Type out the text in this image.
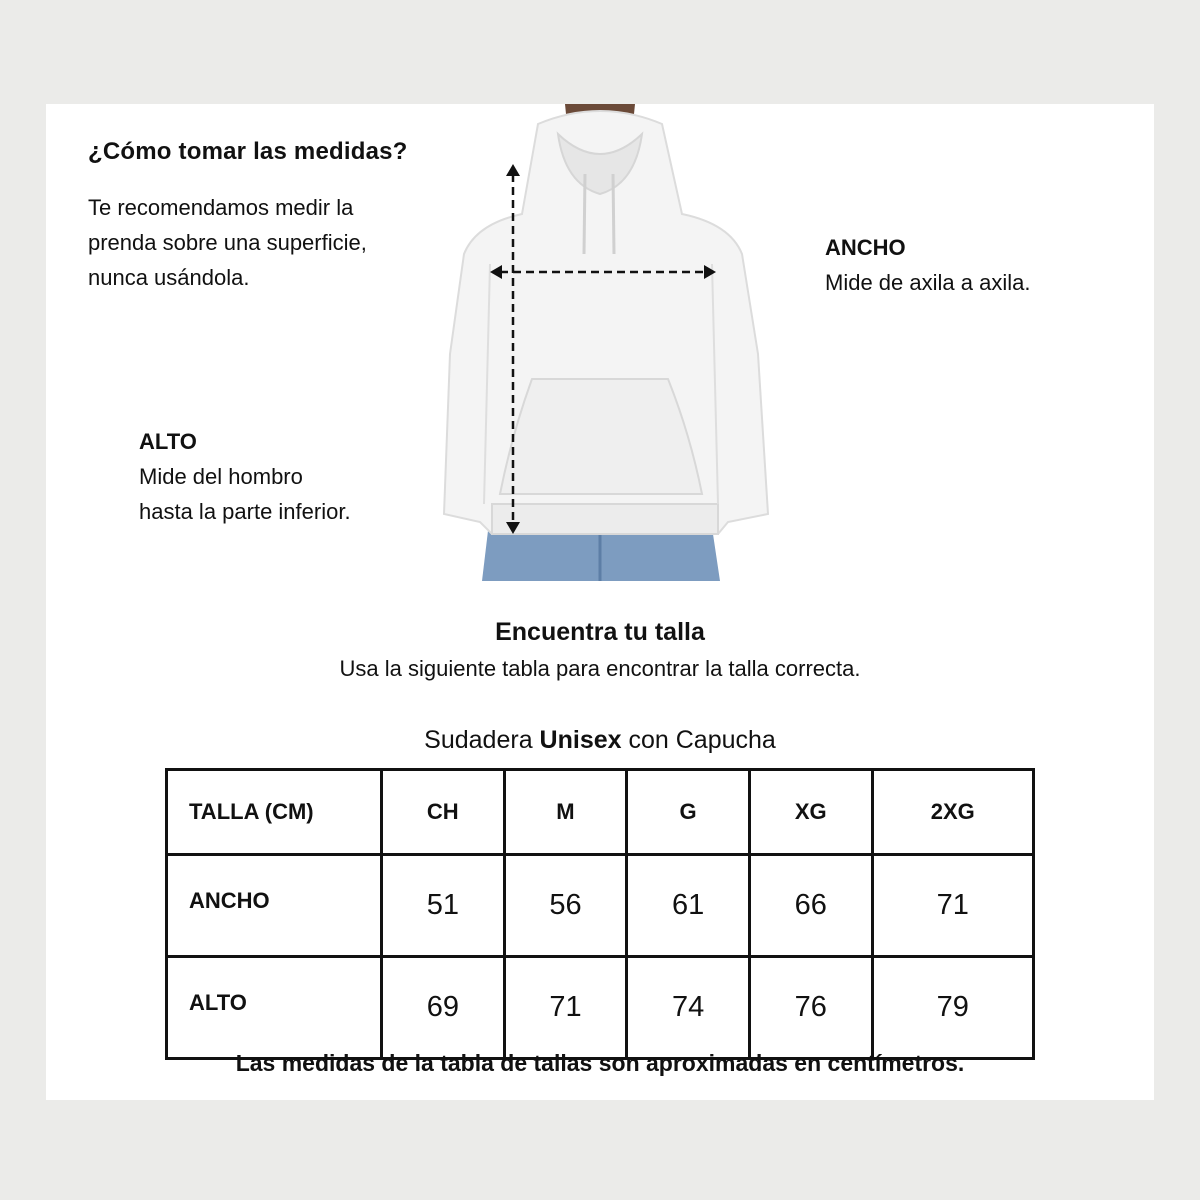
¿Cómo tomar las medidas?
Te recomendamos medir la
prenda sobre una superficie,
nunca usándola.
ALTO
Mide del hombro
hasta la parte inferior.
ANCHO
Mide de axila a axila.
Encuentra tu talla
Usa la siguiente tabla para encontrar la talla correcta.
Sudadera Unisex con Capucha
TALLA (CM)	CH	M	G	XG	2XG
ANCHO	51	56	61	66	71
ALTO	69	71	74	76	79
Las medidas de la tabla de tallas son aproximadas en centímetros.
